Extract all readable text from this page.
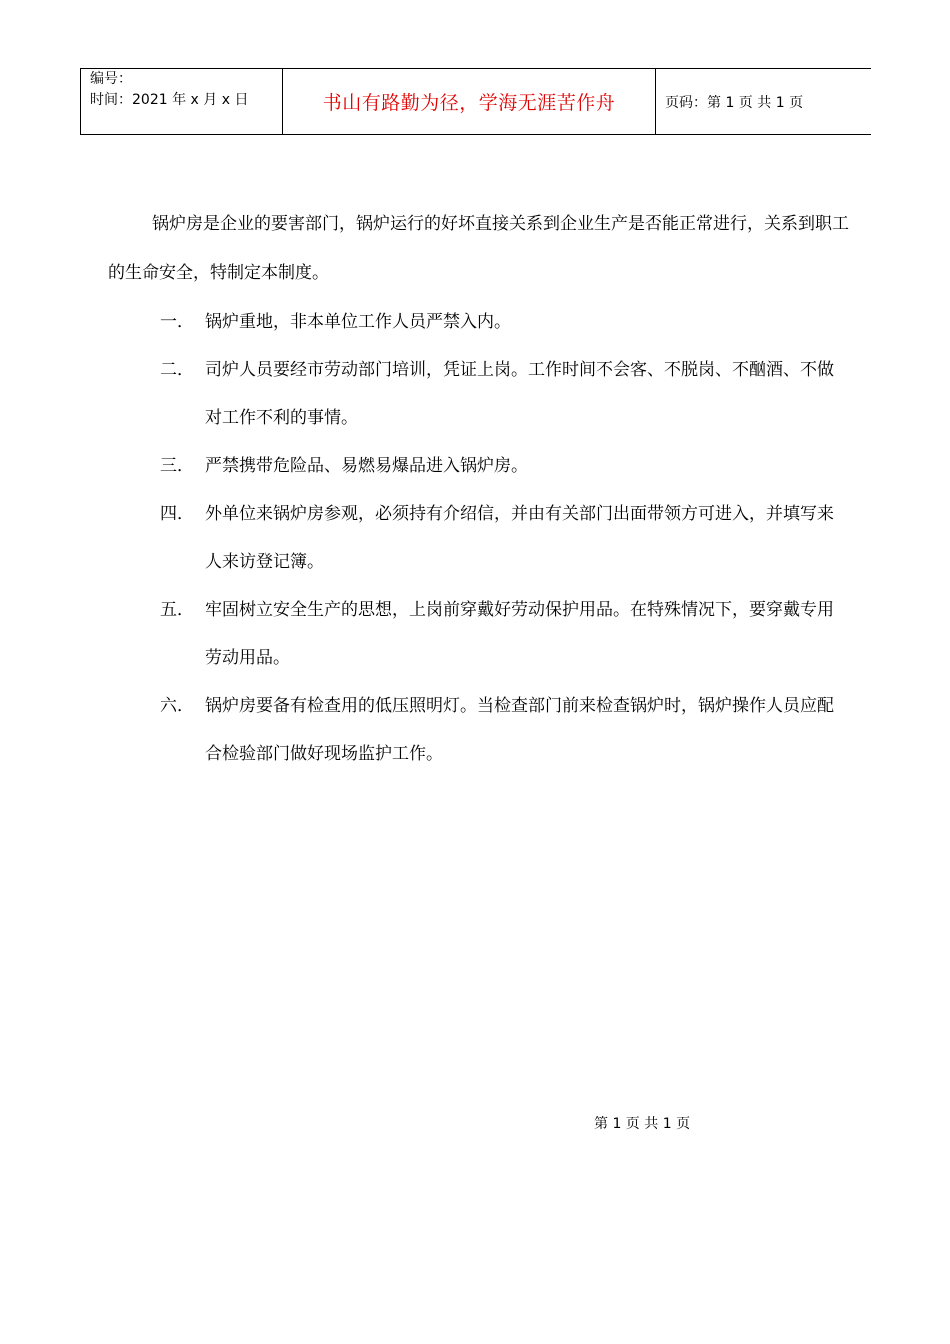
编号：
时间：2021 年 x 月 x 日	书山有路勤为径，学海无涯苦作舟	页码：第 1 页 共 1 页

锅炉房是企业的要害部门，锅炉运行的好坏直接关系到企业生产是否能正常进行，关系到职工的生命安全，特制定本制度。

一． 锅炉重地，非本单位工作人员严禁入内。
二． 司炉人员要经市劳动部门培训，凭证上岗。工作时间不会客、不脱岗、不酗酒、不做对工作不利的事情。
三． 严禁携带危险品、易燃易爆品进入锅炉房。
四． 外单位来锅炉房参观，必须持有介绍信，并由有关部门出面带领方可进入，并填写来人来访登记簿。
五． 牢固树立安全生产的思想，上岗前穿戴好劳动保护用品。在特殊情况下，要穿戴专用劳动用品。
六． 锅炉房要备有检查用的低压照明灯。当检查部门前来检查锅炉时，锅炉操作人员应配合检验部门做好现场监护工作。
第 1 页 共 1 页
